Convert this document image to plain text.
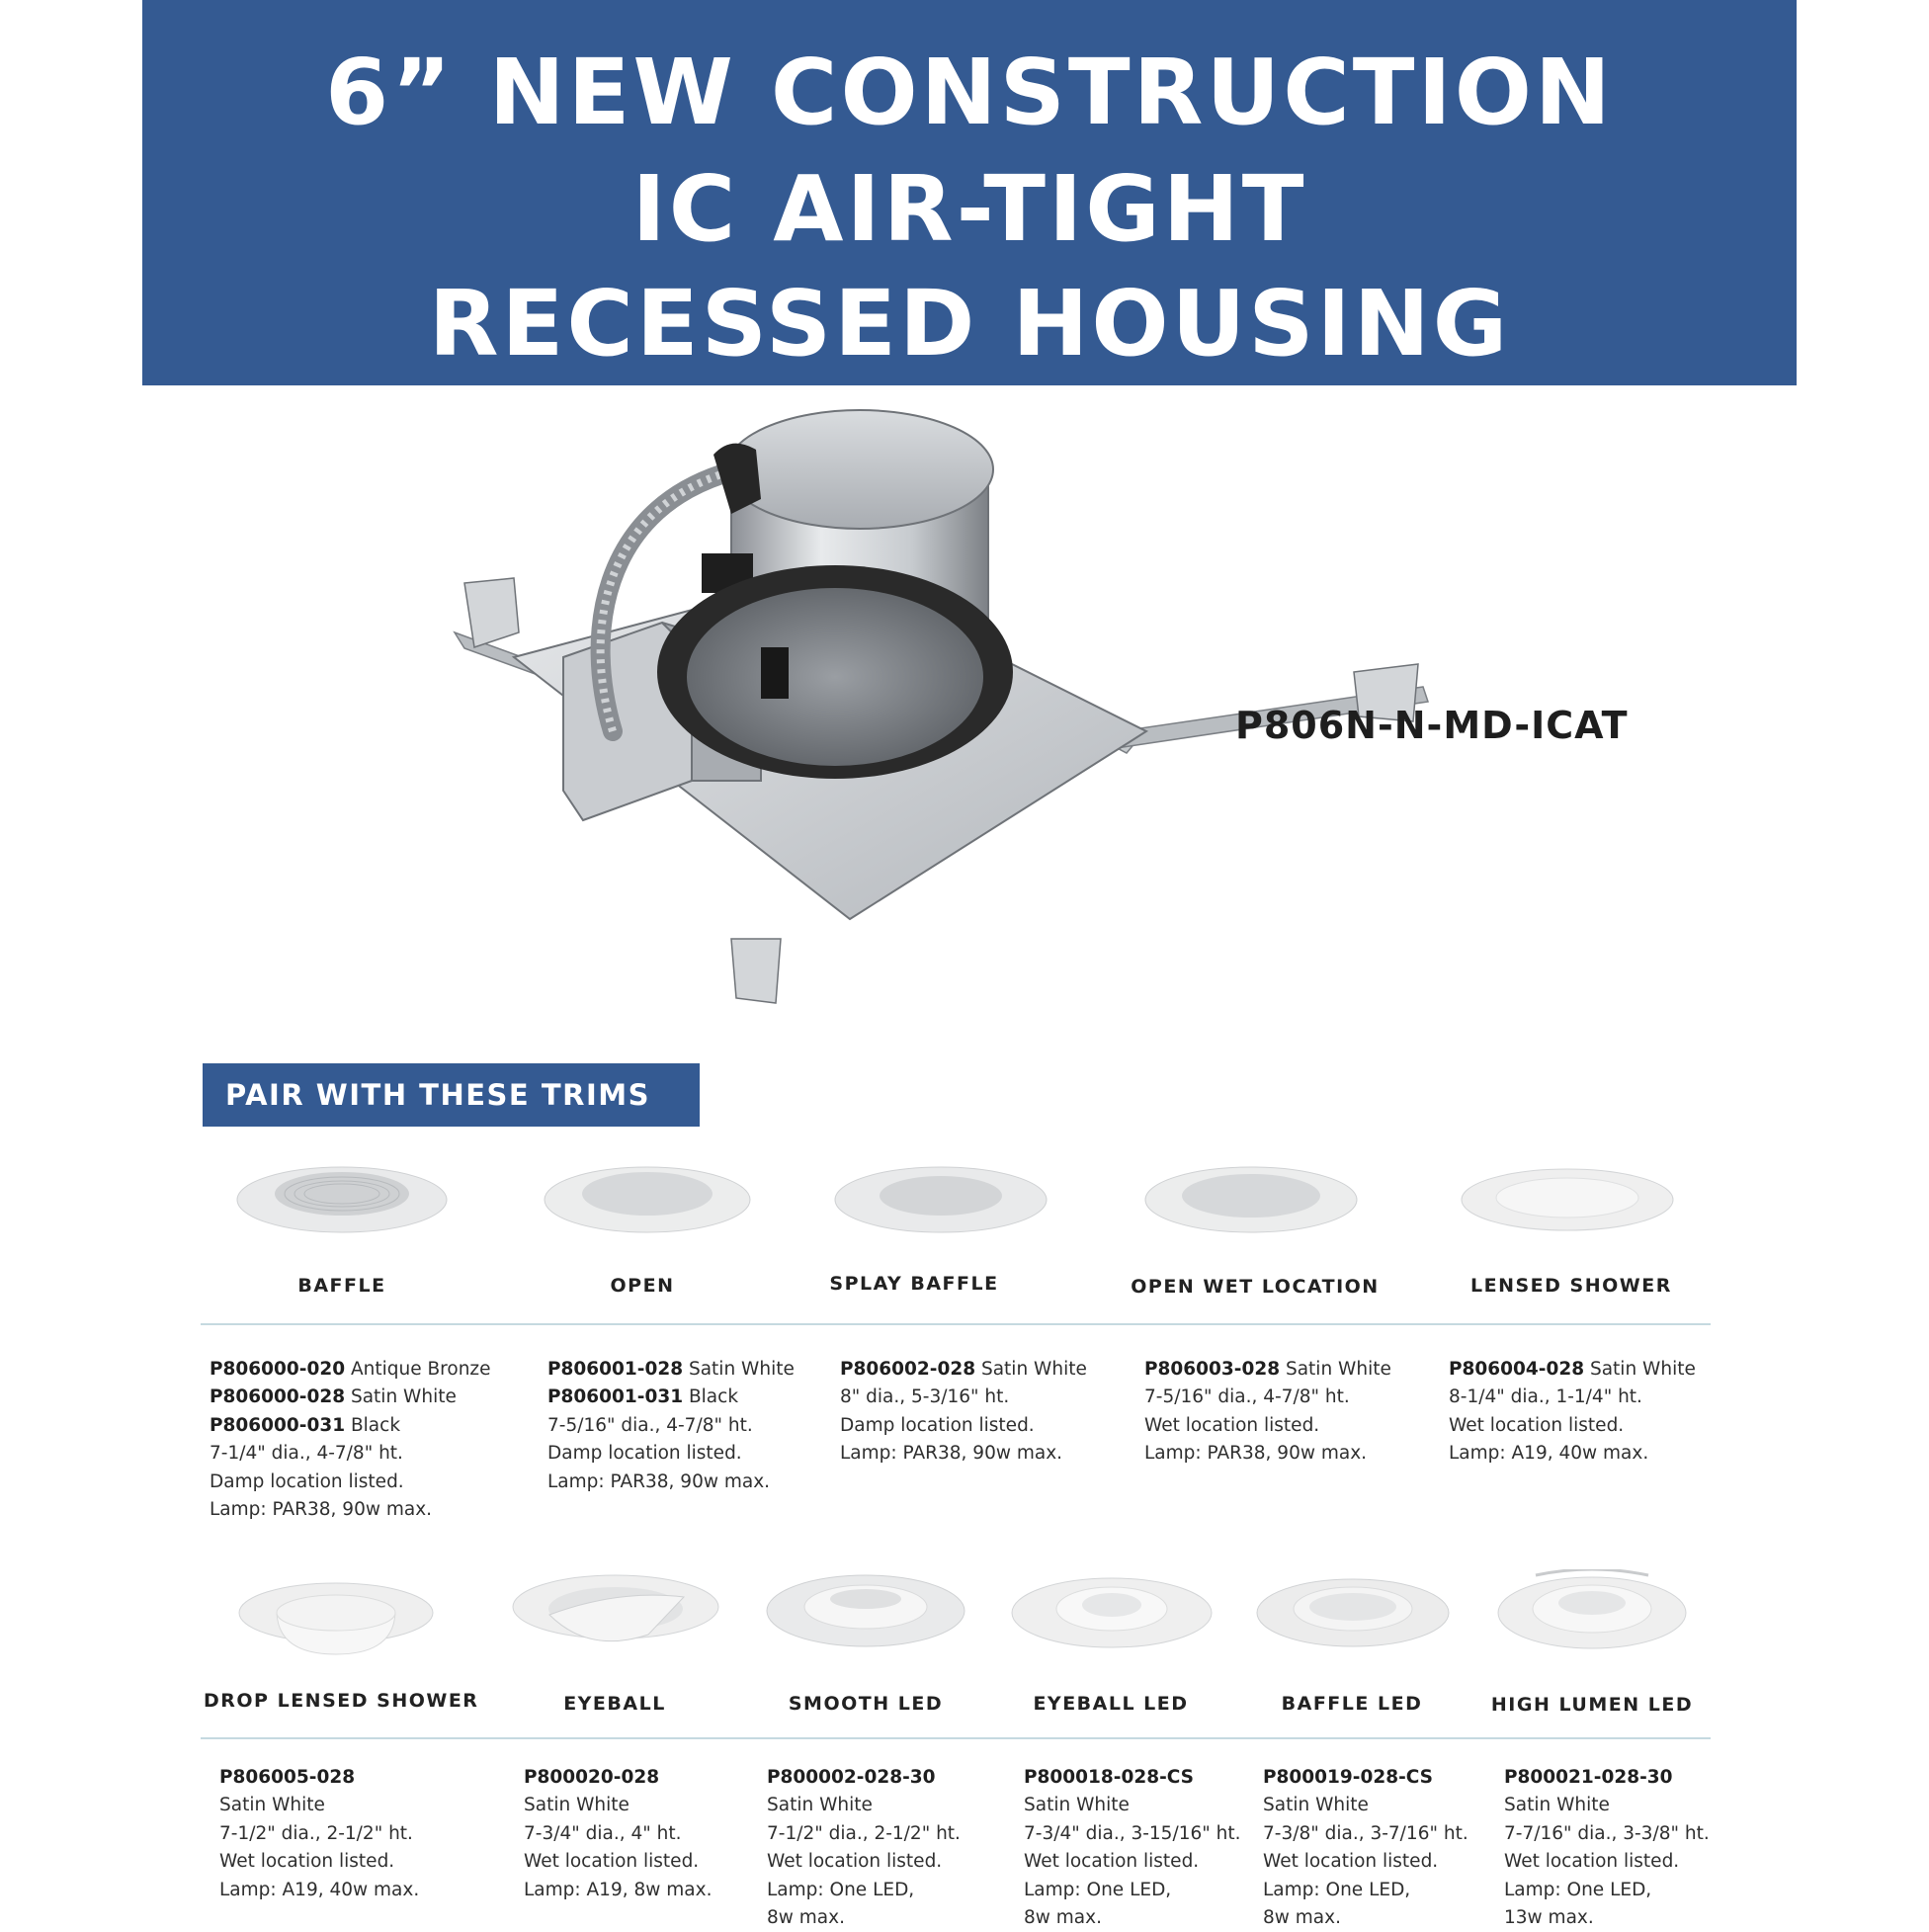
6” NEW CONSTRUCTION
IC AIR-TIGHT
RECESSED HOUSING
P806N-N-MD-ICAT
PAIR WITH THESE TRIMS
BAFFLE	OPEN	SPLAY BAFFLE	OPEN WET LOCATION	LENSED SHOWER
P806000-020 Antique Bronze
P806000-028 Satin White
P806000-031 Black
7-1/4" dia., 4-7/8" ht.
Damp location listed.
Lamp: PAR38, 90w max.
P806001-028 Satin White
P806001-031 Black
7-5/16" dia., 4-7/8" ht.
Damp location listed.
Lamp: PAR38, 90w max.
P806002-028 Satin White
8" dia., 5-3/16" ht.
Damp location listed.
Lamp: PAR38, 90w max.
P806003-028 Satin White
7-5/16" dia., 4-7/8" ht.
Wet location listed.
Lamp: PAR38, 90w max.
P806004-028 Satin White
8-1/4" dia., 1-1/4" ht.
Wet location listed.
Lamp: A19, 40w max.
DROP LENSED SHOWER	EYEBALL	SMOOTH LED	EYEBALL LED	BAFFLE LED	HIGH LUMEN LED
P806005-028
Satin White
7-1/2" dia., 2-1/2" ht.
Wet location listed.
Lamp: A19, 40w max.
P800020-028
Satin White
7-3/4" dia., 4" ht.
Wet location listed.
Lamp: A19, 8w max.
P800002-028-30
Satin White
7-1/2" dia., 2-1/2" ht.
Wet location listed.
Lamp: One LED,
8w max.
P800018-028-CS
Satin White
7-3/4" dia., 3-15/16" ht.
Wet location listed.
Lamp: One LED,
8w max.
P800019-028-CS
Satin White
7-3/8" dia., 3-7/16" ht.
Wet location listed.
Lamp: One LED,
8w max.
P800021-028-30
Satin White
7-7/16" dia., 3-3/8" ht.
Wet location listed.
Lamp: One LED,
13w max.
